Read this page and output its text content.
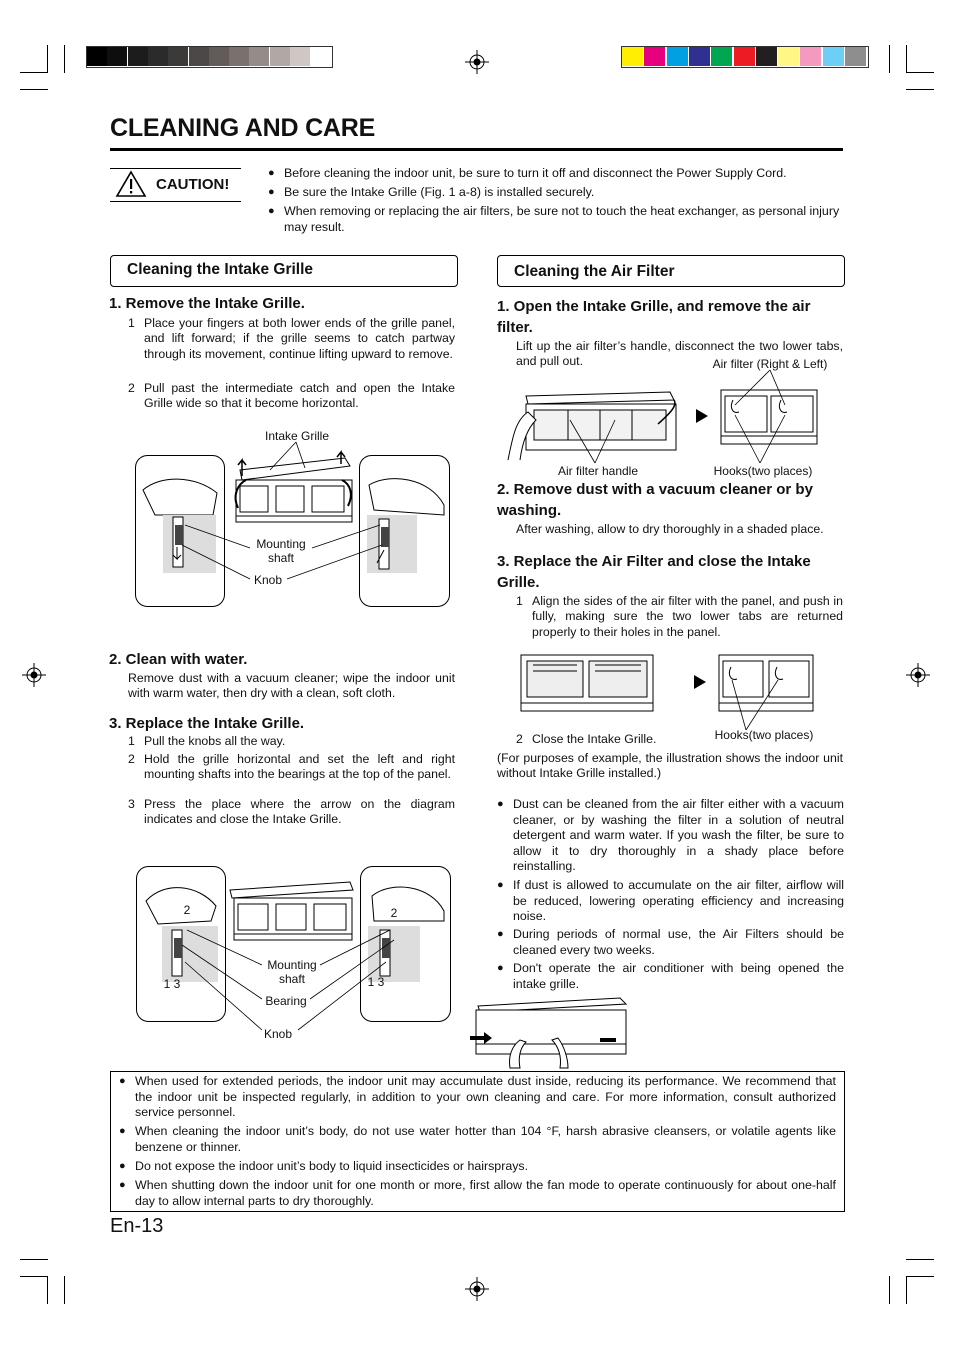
CLEANING AND CARE
CAUTION!
● Before cleaning the indoor unit, be sure to turn it off and disconnect the Power Supply Cord.
● Be sure the Intake Grille (Fig. 1 a-8) is installed securely.
● When removing or replacing the air filters, be sure not to touch the heat exchanger, as personal injury may result.
Cleaning the Intake Grille
1. Remove the Intake Grille.
1 Place your fingers at both lower ends of the grille panel, and lift forward; if the grille seems to catch partway through its movement, continue lifting upward to remove.
2 Pull past the intermediate catch and open the Intake Grille wide so that it become horizontal.
Intake Grille
Mounting shaft
Knob
2. Clean with water.
Remove dust with a vacuum cleaner; wipe the indoor unit with warm water, then dry with a clean, soft cloth.
3. Replace the Intake Grille.
1 Pull the knobs all the way.
2 Hold the grille horizontal and set the left and right mounting shafts into the bearings at the top of the panel.
3 Press the place where the arrow on the diagram indicates and close the Intake Grille.
2
1 3
2
1 3
Mounting shaft
Bearing
Knob
Cleaning the Air Filter
1. Open the Intake Grille, and remove the air filter.
Lift up the air filter’s handle, disconnect the two lower tabs, and pull out.	Air filter (Right & Left)
Air filter handle	Hooks(two places)
2. Remove dust with a vacuum cleaner or by washing.
After washing, allow to dry thoroughly in a shaded place.
3. Replace the Air Filter and close the Intake Grille.
1 Align the sides of the air filter with the panel, and push in fully, making sure the two lower tabs are returned properly to their holes in the panel.
Hooks(two places)
2 Close the Intake Grille.
(For purposes of example, the illustration shows the indoor unit without Intake Grille installed.)
● Dust can be cleaned from the air filter either with a vacuum cleaner, or by washing the filter in a solution of neutral detergent and warm water. If you wash the filter, be sure to allow it to dry thoroughly in a shady place before reinstalling.
● If dust is allowed to accumulate on the air filter, airflow will be reduced, lowering operating efficiency and increasing noise.
● During periods of normal use, the Air Filters should be cleaned every two weeks.
● Don't operate the air conditioner with being opened the intake grille.
● When used for extended periods, the indoor unit may accumulate dust inside, reducing its performance. We recommend that the indoor unit be inspected regularly, in addition to your own cleaning and care. For more information, consult authorized service personnel.
● When cleaning the indoor unit’s body, do not use water hotter than 104 °F, harsh abrasive cleansers, or volatile agents like benzene or thinner.
● Do not expose the indoor unit’s body to liquid insecticides or hairsprays.
● When shutting down the indoor unit for one month or more, first allow the fan mode to operate continuously for about one-half day to allow internal parts to dry thoroughly.
En-13
